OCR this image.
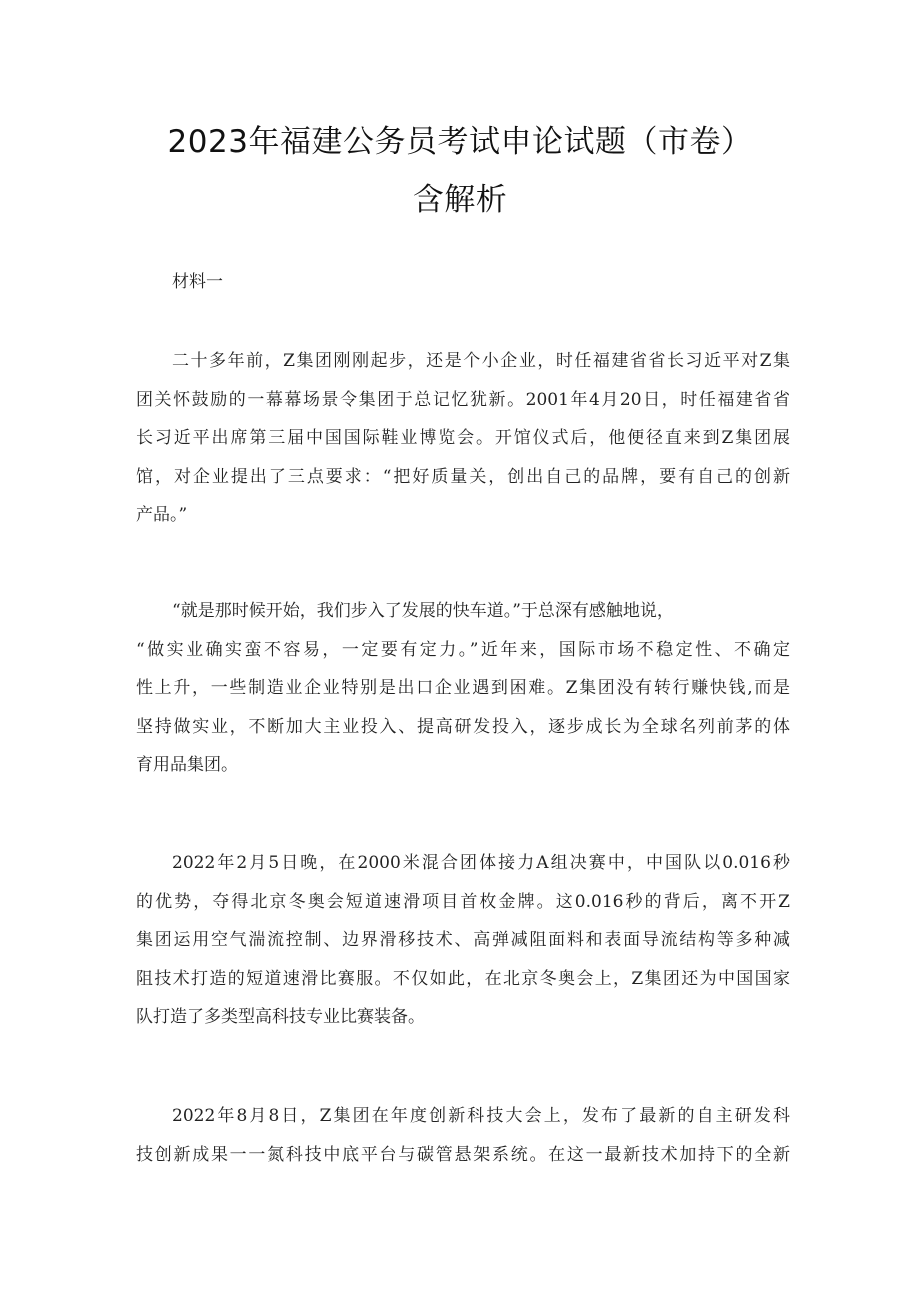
2023年福建公务员考试申论试题（市卷）
含解析
材料一
二十多年前，Z集团刚刚起步，还是个小企业，时任福建省省长习近平对Z集
团关怀鼓励的一幕幕场景令集团于总记忆犹新。2001年4月20日，时任福建省省
长习近平出席第三届中国国际鞋业博览会。开馆仪式后，他便径直来到Z集团展
馆，对企业提出了三点要求：“把好质量关，创出自己的品牌，要有自己的创新
产品。”
“就是那时候开始，我们步入了发展的快车道。”于总深有感触地说，
“做实业确实蛮不容易，一定要有定力。”近年来，国际市场不稳定性、不确定
性上升，一些制造业企业特别是出口企业遇到困难。Z集团没有转行赚快钱,而是
坚持做实业，不断加大主业投入、提高研发投入，逐步成长为全球名列前茅的体
育用品集团。
2022年2月5日晚，在2000米混合团体接力A组决赛中，中国队以0.016秒
的优势，夺得北京冬奥会短道速滑项目首枚金牌。这0.016秒的背后，离不开Z
集团运用空气湍流控制、边界滑移技术、高弹减阻面料和表面导流结构等多种减
阻技术打造的短道速滑比赛服。不仅如此，在北京冬奥会上，Z集团还为中国国家
队打造了多类型高科技专业比赛装备。
2022年8月8日，Z集团在年度创新科技大会上，发布了最新的自主研发科
技创新成果一一氮科技中底平台与碳管悬架系统。在这一最新技术加持下的全新
